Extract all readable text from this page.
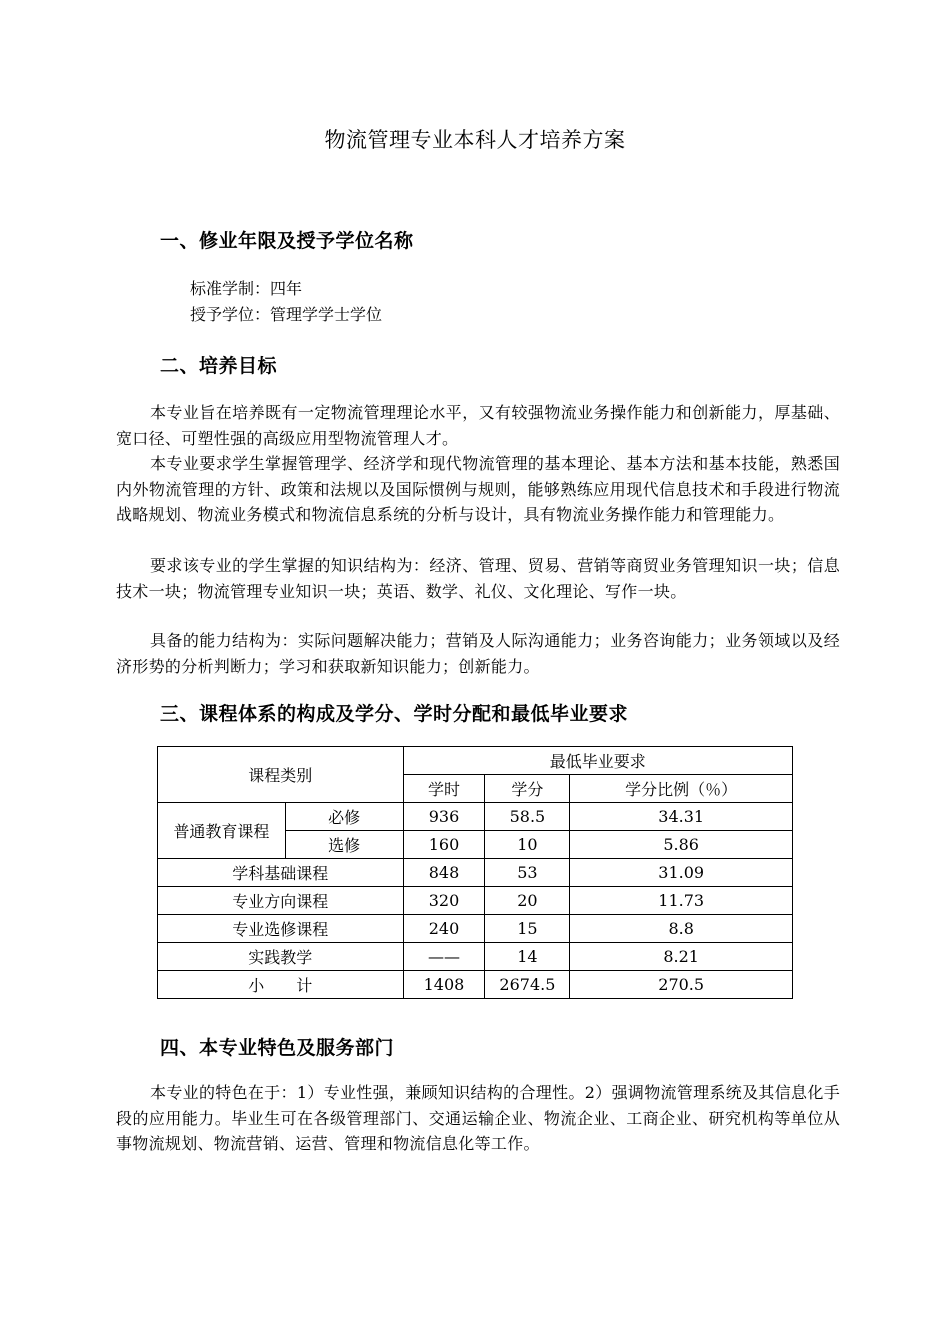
物流管理专业本科人才培养方案
一、修业年限及授予学位名称
标准学制：四年
授予学位：管理学学士学位
二、培养目标
本专业旨在培养既有一定物流管理理论水平，又有较强物流业务操作能力和创新能力，厚基础、宽口径、可塑性强的高级应用型物流管理人才。
本专业要求学生掌握管理学、经济学和现代物流管理的基本理论、基本方法和基本技能，熟悉国内外物流管理的方针、政策和法规以及国际惯例与规则，能够熟练应用现代信息技术和手段进行物流战略规划、物流业务模式和物流信息系统的分析与设计，具有物流业务操作能力和管理能力。
要求该专业的学生掌握的知识结构为：经济、管理、贸易、营销等商贸业务管理知识一块；信息技术一块；物流管理专业知识一块；英语、数学、礼仪、文化理论、写作一块。
具备的能力结构为：实际问题解决能力；营销及人际沟通能力；业务咨询能力；业务领域以及经济形势的分析判断力；学习和获取新知识能力；创新能力。
三、课程体系的构成及学分、学时分配和最低毕业要求
课程类别		最低毕业要求		
		学时	学分	学分比例（％）
普通教育课程	必修	936	58.5	34.31
	选修	160	10	5.86
学科基础课程		848	53	31.09
专业方向课程		320	20	11.73
专业选修课程		240	15	8.8
实践教学		——	14	8.21
小　　计		1408	2674.5	270.5
四、本专业特色及服务部门
本专业的特色在于：1）专业性强，兼顾知识结构的合理性。2）强调物流管理系统及其信息化手段的应用能力。毕业生可在各级管理部门、交通运输企业、物流企业、工商企业、研究机构等单位从事物流规划、物流营销、运营、管理和物流信息化等工作。
